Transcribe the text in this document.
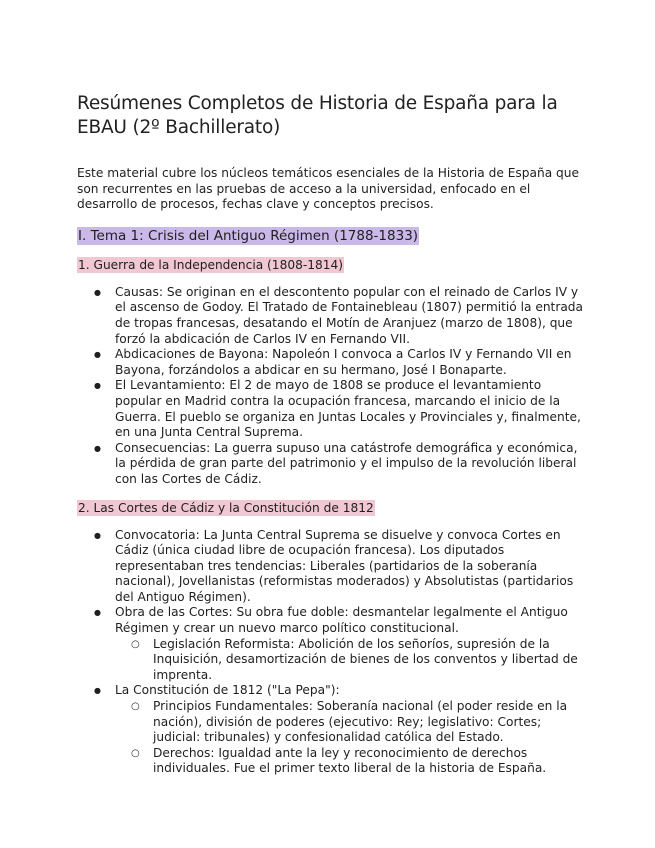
Resúmenes Completos de Historia de España para la EBAU (2º Bachillerato)

Este material cubre los núcleos temáticos esenciales de la Historia de España que son recurrentes en las pruebas de acceso a la universidad, enfocado en el desarrollo de procesos, fechas clave y conceptos precisos.

I. Tema 1: Crisis del Antiguo Régimen (1788-1833)
1. Guerra de la Independencia (1808-1814)
● Causas: Se originan en el descontento popular con el reinado de Carlos IV y el ascenso de Godoy. El Tratado de Fontainebleau (1807) permitió la entrada de tropas francesas, desatando el Motín de Aranjuez (marzo de 1808), que forzó la abdicación de Carlos IV en Fernando VII.
● Abdicaciones de Bayona: Napoleón I convoca a Carlos IV y Fernando VII en Bayona, forzándolos a abdicar en su hermano, José I Bonaparte.
● El Levantamiento: El 2 de mayo de 1808 se produce el levantamiento popular en Madrid contra la ocupación francesa, marcando el inicio de la Guerra. El pueblo se organiza en Juntas Locales y Provinciales y, finalmente, en una Junta Central Suprema.
● Consecuencias: La guerra supuso una catástrofe demográfica y económica, la pérdida de gran parte del patrimonio y el impulso de la revolución liberal con las Cortes de Cádiz.
2. Las Cortes de Cádiz y la Constitución de 1812
● Convocatoria: La Junta Central Suprema se disuelve y convoca Cortes en Cádiz (única ciudad libre de ocupación francesa). Los diputados representaban tres tendencias: Liberales (partidarios de la soberanía nacional), Jovellanistas (reformistas moderados) y Absolutistas (partidarios del Antiguo Régimen).
● Obra de las Cortes: Su obra fue doble: desmantelar legalmente el Antiguo Régimen y crear un nuevo marco político constitucional.
○ Legislación Reformista: Abolición de los señoríos, supresión de la Inquisición, desamortización de bienes de los conventos y libertad de imprenta.
● La Constitución de 1812 ("La Pepa"):
○ Principios Fundamentales: Soberanía nacional (el poder reside en la nación), división de poderes (ejecutivo: Rey; legislativo: Cortes; judicial: tribunales) y confesionalidad católica del Estado.
○ Derechos: Igualdad ante la ley y reconocimiento de derechos individuales. Fue el primer texto liberal de la historia de España.
